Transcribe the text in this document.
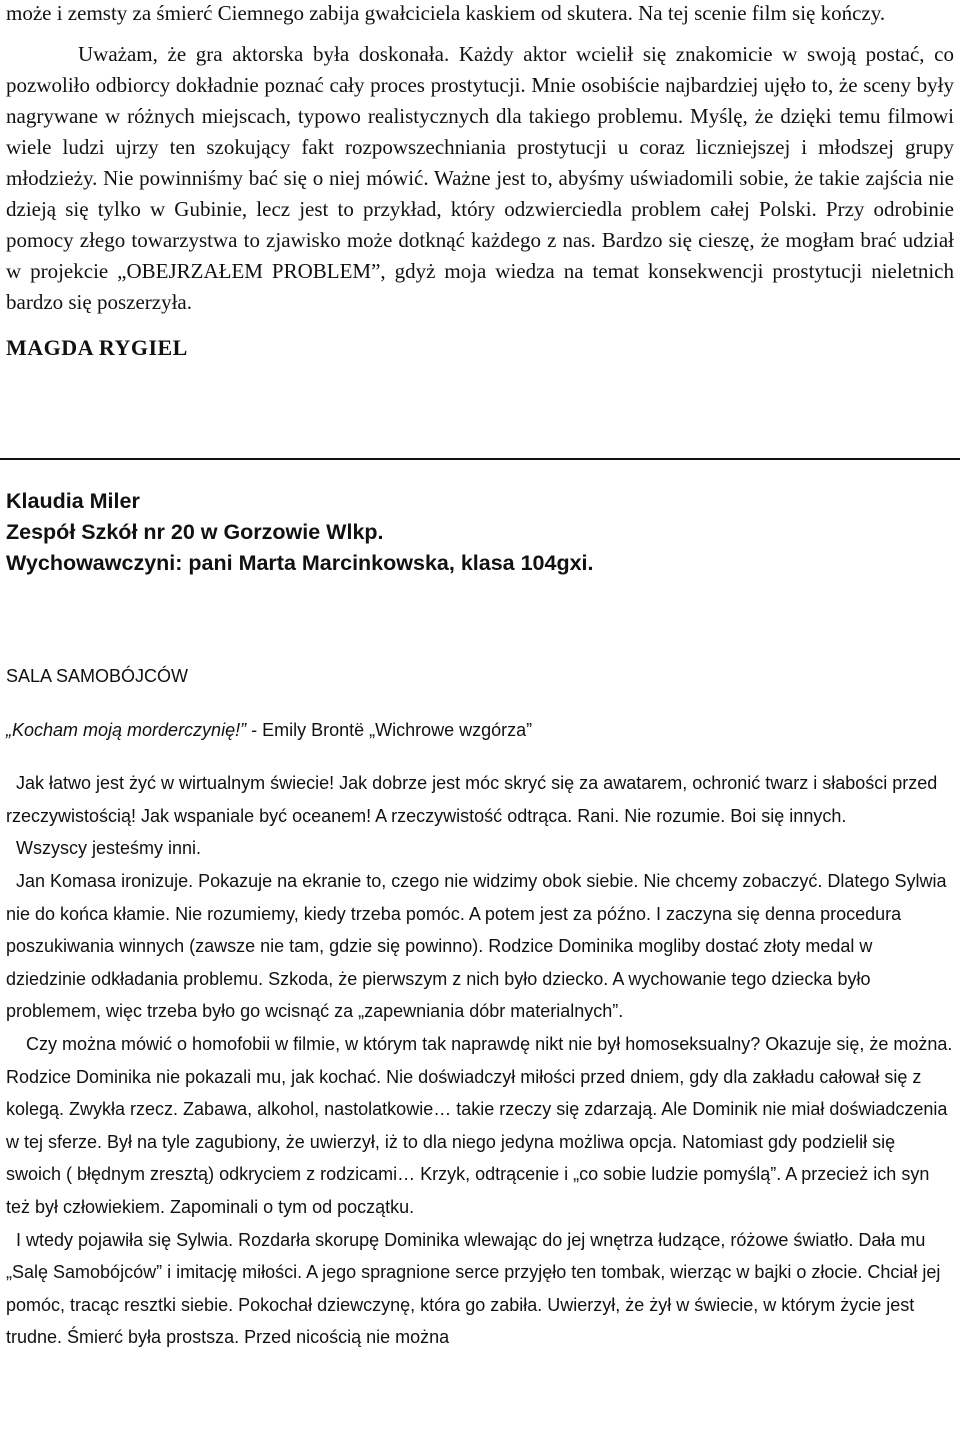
może i zemsty za śmierć Ciemnego zabija gwałciciela kaskiem od skutera. Na tej scenie film się kończy.

Uważam, że gra aktorska była doskonała. Każdy aktor wcielił się znakomicie w swoją postać, co pozwoliło odbiorcy dokładnie poznać cały proces prostytucji. Mnie osobiście najbardziej ujęło to, że sceny były nagrywane w różnych miejscach, typowo realistycznych dla takiego problemu. Myślę, że dzięki temu filmowi wiele ludzi ujrzy ten szokujący fakt rozpowszechniania prostytucji u coraz liczniejszej i młodszej grupy młodzieży. Nie powinniśmy bać się o niej mówić. Ważne jest to, abyśmy uświadomili sobie, że takie zajścia nie dzieją się tylko w Gubinie, lecz jest to przykład, który odzwierciedla problem całej Polski. Przy odrobinie pomocy złego towarzystwa to zjawisko może dotknąć każdego z nas. Bardzo się cieszę, że mogłam brać udział w projekcie „OBEJRZAŁEM PROBLEM”, gdyż moja wiedza na temat konsekwencji prostytucji nieletnich bardzo się poszerzyła.

MAGDA RYGIEL

Klaudia Miler

Zespół Szkół nr 20 w Gorzowie Wlkp.

Wychowawczyni: pani Marta Marcinkowska, klasa 104gxi.

SALA SAMOBÓJCÓW

„Kocham moją morderczynię!” - Emily Brontë „Wichrowe wzgórza”

Jak łatwo jest żyć w wirtualnym świecie! Jak dobrze jest móc skryć się za awatarem, ochronić twarz i słabości przed rzeczywistością! Jak wspaniale być oceanem! A rzeczywistość odtrąca. Rani. Nie rozumie. Boi się innych.

Wszyscy jesteśmy inni.

Jan Komasa ironizuje. Pokazuje na ekranie to, czego nie widzimy obok siebie. Nie chcemy zobaczyć. Dlatego Sylwia nie do końca kłamie. Nie rozumiemy, kiedy trzeba pomóc. A potem jest za późno. I zaczyna się denna procedura poszukiwania winnych (zawsze nie tam, gdzie się powinno). Rodzice Dominika mogliby dostać złoty medal w dziedzinie odkładania problemu. Szkoda, że pierwszym z nich było dziecko. A wychowanie tego dziecka było problemem, więc trzeba było go wcisnąć za „zapewniania dóbr materialnych”.

Czy można mówić o homofobii w filmie, w którym tak naprawdę nikt nie był homoseksualny? Okazuje się, że można. Rodzice Dominika nie pokazali mu, jak kochać. Nie doświadczył miłości przed dniem, gdy dla zakładu całował się z kolegą. Zwykła rzecz. Zabawa, alkohol, nastolatkowie… takie rzeczy się zdarzają. Ale Dominik nie miał doświadczenia w tej sferze. Był na tyle zagubiony, że uwierzył, iż to dla niego jedyna możliwa opcja. Natomiast gdy podzielił się swoich ( błędnym zresztą) odkryciem z rodzicami… Krzyk, odtrącenie i „co sobie ludzie pomyślą”. A przecież ich syn też był człowiekiem. Zapominali o tym od początku.

I wtedy pojawiła się Sylwia. Rozdarła skorupę Dominika wlewając do jej wnętrza łudzące, różowe światło. Dała mu „Salę Samobójców” i imitację miłości. A jego spragnione serce przyjęło ten tombak, wierząc w bajki o złocie. Chciał jej pomóc, tracąc resztki siebie. Pokochał dziewczynę, która go zabiła. Uwierzył, że żył w świecie, w którym życie jest trudne. Śmierć była prostsza. Przed nicością nie można
